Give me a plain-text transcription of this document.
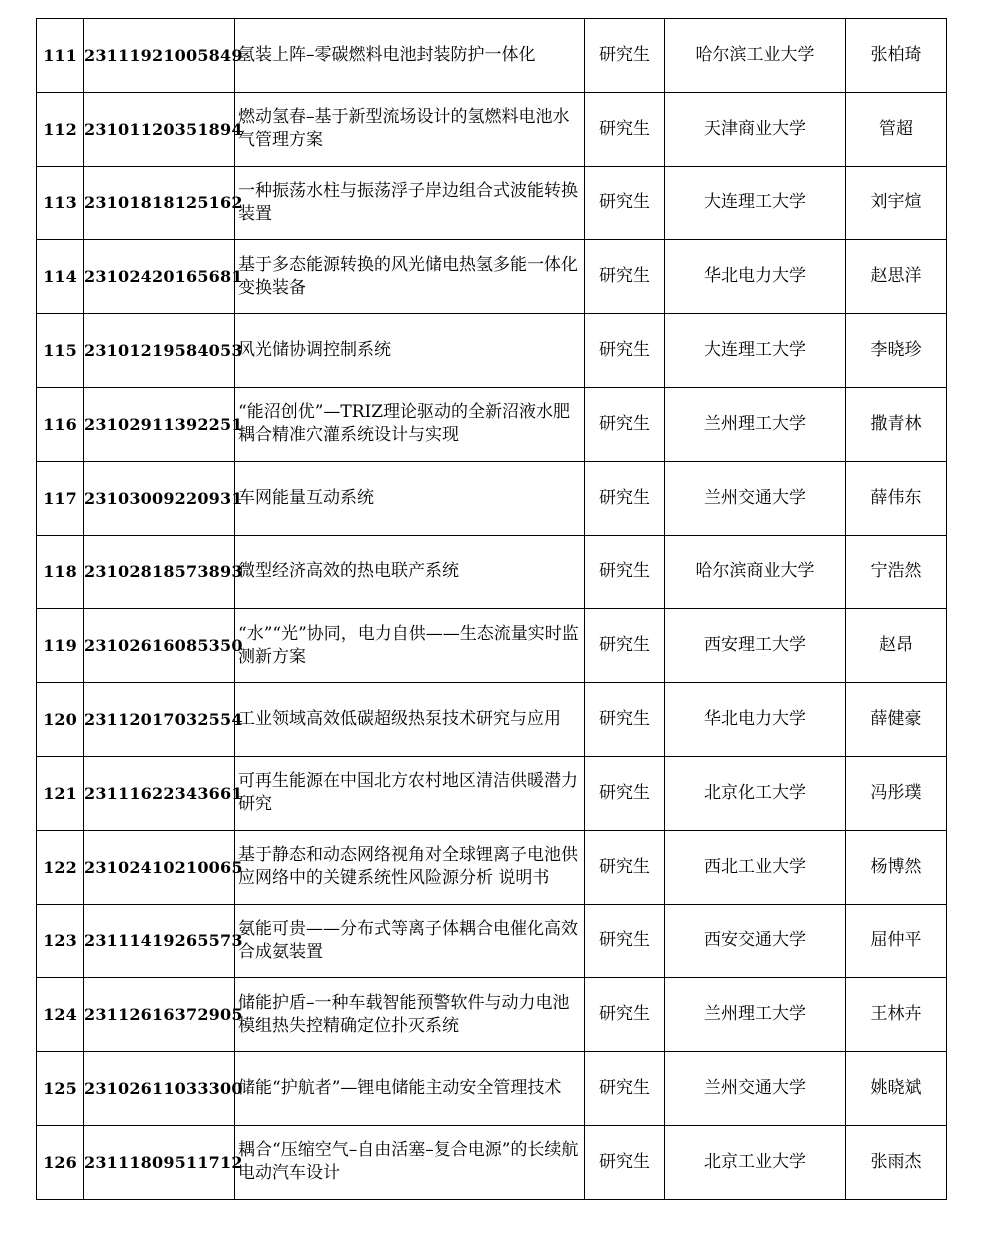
111	23111921005849	氢装上阵–零碳燃料电池封装防护一体化	研究生	哈尔滨工业大学	张柏琦
112	23101120351894	燃动氢春–基于新型流场设计的氢燃料电池水气管理方案	研究生	天津商业大学	管超
113	23101818125162	一种振荡水柱与振荡浮子岸边组合式波能转换装置	研究生	大连理工大学	刘宇煊
114	23102420165681	基于多态能源转换的风光储电热氢多能一体化变换装备	研究生	华北电力大学	赵思洋
115	23101219584053	风光储协调控制系统	研究生	大连理工大学	李晓珍
116	23102911392251	“能沼创优”—TRIZ理论驱动的全新沼液水肥耦合精准穴灌系统设计与实现	研究生	兰州理工大学	撒青林
117	23103009220931	车网能量互动系统	研究生	兰州交通大学	薛伟东
118	23102818573893	微型经济高效的热电联产系统	研究生	哈尔滨商业大学	宁浩然
119	23102616085350	“水”“光”协同，电力自供——生态流量实时监测新方案	研究生	西安理工大学	赵昂
120	23112017032554	工业领域高效低碳超级热泵技术研究与应用	研究生	华北电力大学	薛健豪
121	23111622343661	可再生能源在中国北方农村地区清洁供暖潜力研究	研究生	北京化工大学	冯彤璞
122	23102410210065	基于静态和动态网络视角对全球锂离子电池供应网络中的关键系统性风险源分析 说明书	研究生	西北工业大学	杨博然
123	23111419265573	氨能可贵——分布式等离子体耦合电催化高效合成氨装置	研究生	西安交通大学	屈仲平
124	23112616372905	储能护盾–一种车载智能预警软件与动力电池模组热失控精确定位扑灭系统	研究生	兰州理工大学	王林卉
125	23102611033300	储能“护航者”—锂电储能主动安全管理技术	研究生	兰州交通大学	姚晓斌
126	23111809511712	耦合“压缩空气–自由活塞–复合电源”的长续航电动汽车设计	研究生	北京工业大学	张雨杰
